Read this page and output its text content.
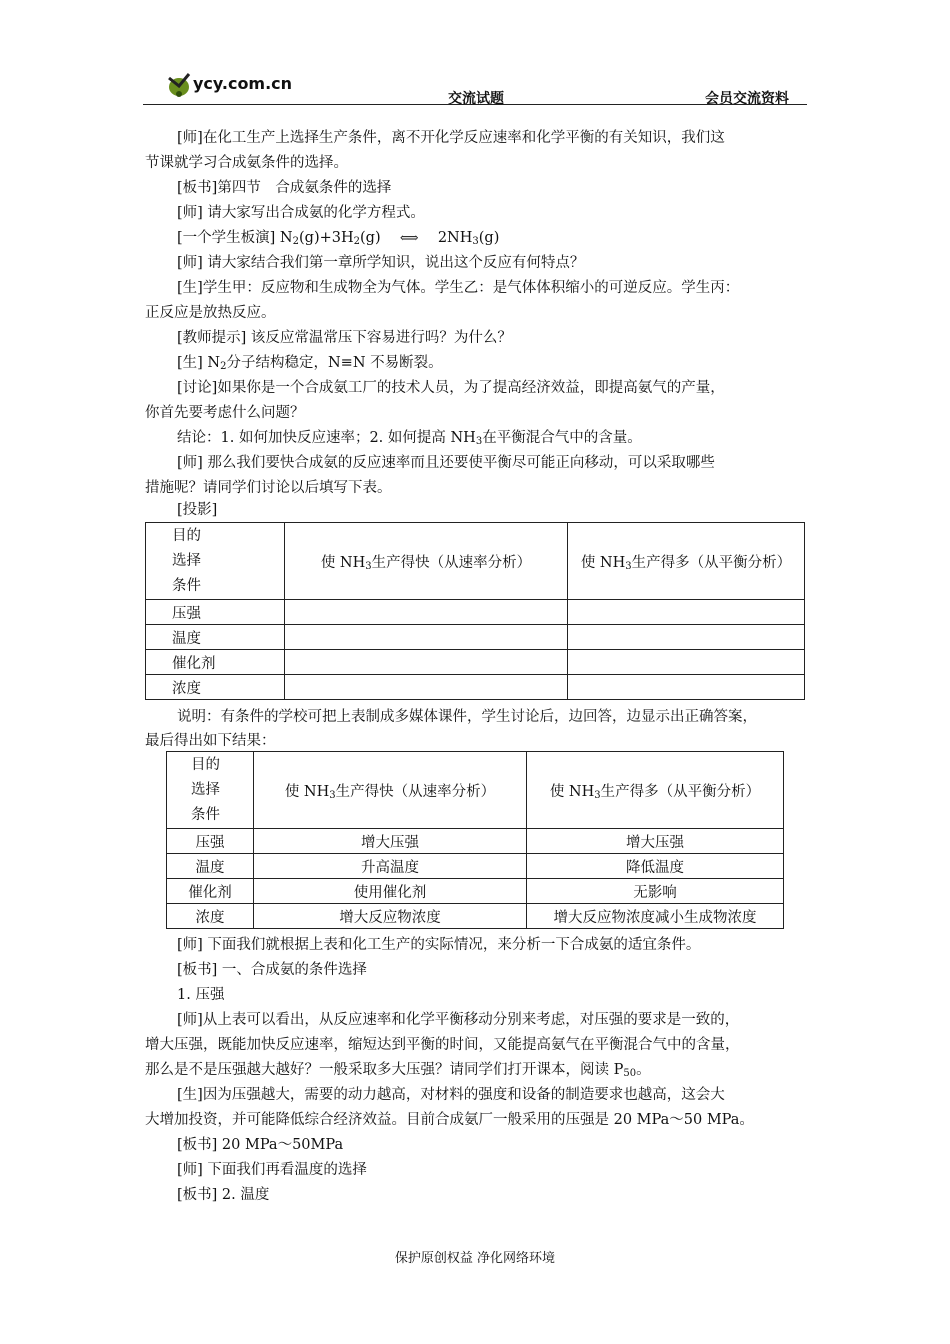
ycy.com.cn
交流试题	会员交流资料
[师]在化工生产上选择生产条件，离不开化学反应速率和化学平衡的有关知识，我们这
节课就学习合成氨条件的选择。
[板书]第四节　合成氨条件的选择
[师] 请大家写出合成氨的化学方程式。
[一个学生板演] $N_2(g)+3H_2(g)$ ⟺ $2NH_3(g)$
[师] 请大家结合我们第一章所学知识，说出这个反应有何特点？
[生]学生甲：反应物和生成物全为气体。学生乙：是气体体积缩小的可逆反应。学生丙：
正反应是放热反应。
[教师提示] 该反应常温常压下容易进行吗？为什么？
[生] $N_2$分子结构稳定，N≡N 不易断裂。
[讨论]如果你是一个合成氨工厂的技术人员，为了提高经济效益，即提高氨气的产量，
你首先要考虑什么问题？
结论：1. 如何加快反应速率；2. 如何提高 $NH_3$在平衡混合气中的含量。
[师] 那么我们要快合成氨的反应速率而且还要使平衡尽可能正向移动，可以采取哪些
措施呢？请同学们讨论以后填写下表。
[投影]
目的
选择
条件	使 $NH_3$生产得快（从速率分析）	使 $NH_3$生产得多（从平衡分析）
压强		
温度		
催化剂		
浓度		
说明：有条件的学校可把上表制成多媒体课件，学生讨论后，边回答，边显示出正确答案，
最后得出如下结果：
目的
选择
条件	使 $NH_3$生产得快（从速率分析）	使 $NH_3$生产得多（从平衡分析）
压强	增大压强	增大压强
温度	升高温度	降低温度
催化剂	使用催化剂	无影响
浓度	增大反应物浓度	增大反应物浓度减小生成物浓度
[师] 下面我们就根据上表和化工生产的实际情况，来分析一下合成氨的适宜条件。
[板书] 一、合成氨的条件选择
1. 压强
[师]从上表可以看出，从反应速率和化学平衡移动分别来考虑，对压强的要求是一致的，
增大压强，既能加快反应速率，缩短达到平衡的时间，又能提高氨气在平衡混合气中的含量，
那么是不是压强越大越好？一般采取多大压强？请同学们打开课本，阅读 $P_{50}$。
[生]因为压强越大，需要的动力越高，对材料的强度和设备的制造要求也越高，这会大
大增加投资，并可能降低综合经济效益。目前合成氨厂一般采用的压强是 20 MPa～50 MPa。
[板书] 20 MPa～50MPa
[师] 下面我们再看温度的选择
[板书] 2. 温度
保护原创权益 净化网络环境
